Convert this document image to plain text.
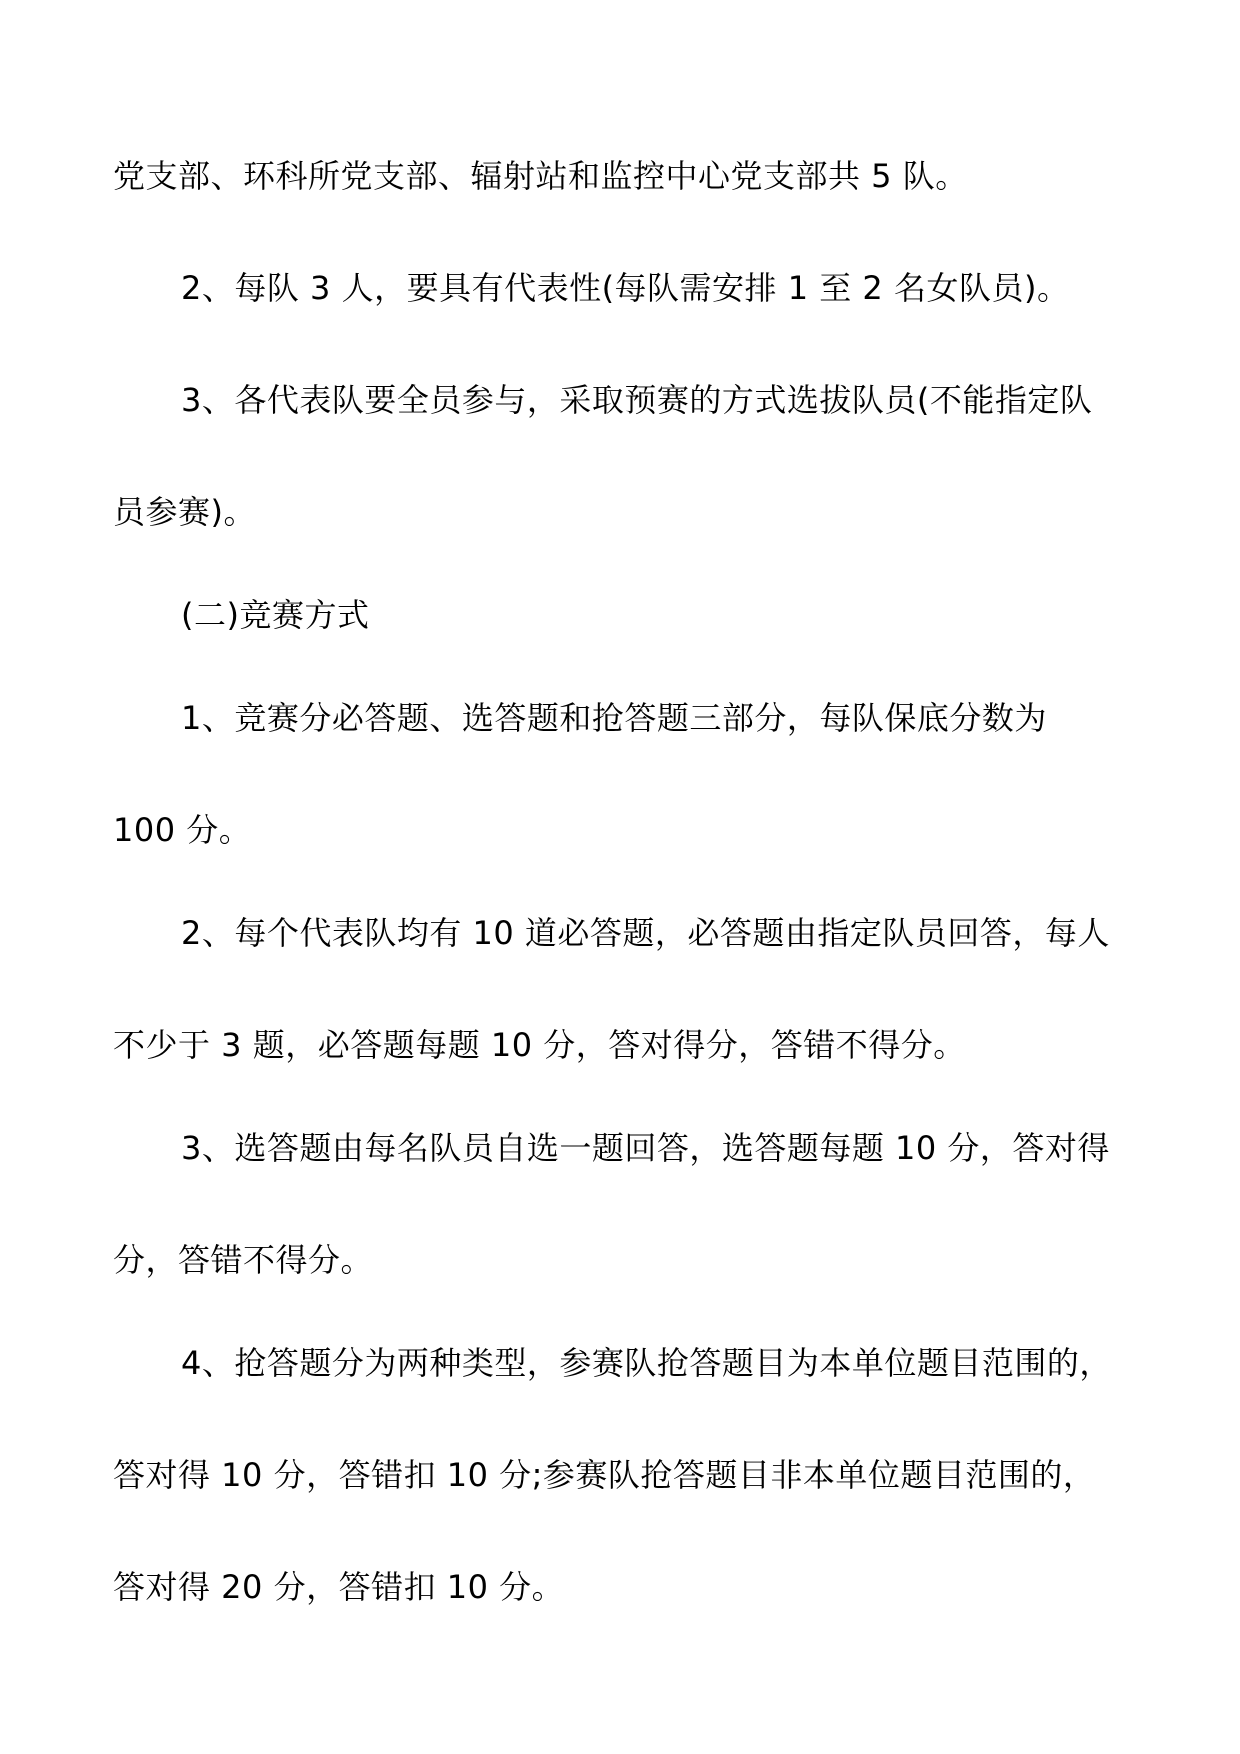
党支部、环科所党支部、辐射站和监控中心党支部共 5 队。

2、每队 3 人，要具有代表性(每队需安排 1 至 2 名女队员)。

3、各代表队要全员参与，采取预赛的方式选拔队员(不能指定队

员参赛)。

(二)竞赛方式

1、竞赛分必答题、选答题和抢答题三部分，每队保底分数为

100 分。

2、每个代表队均有 10 道必答题，必答题由指定队员回答，每人

不少于 3 题，必答题每题 10 分，答对得分，答错不得分。

3、选答题由每名队员自选一题回答，选答题每题 10 分，答对得

分，答错不得分。

4、抢答题分为两种类型，参赛队抢答题目为本单位题目范围的，

答对得 10 分，答错扣 10 分;参赛队抢答题目非本单位题目范围的，

答对得 20 分，答错扣 10 分。
